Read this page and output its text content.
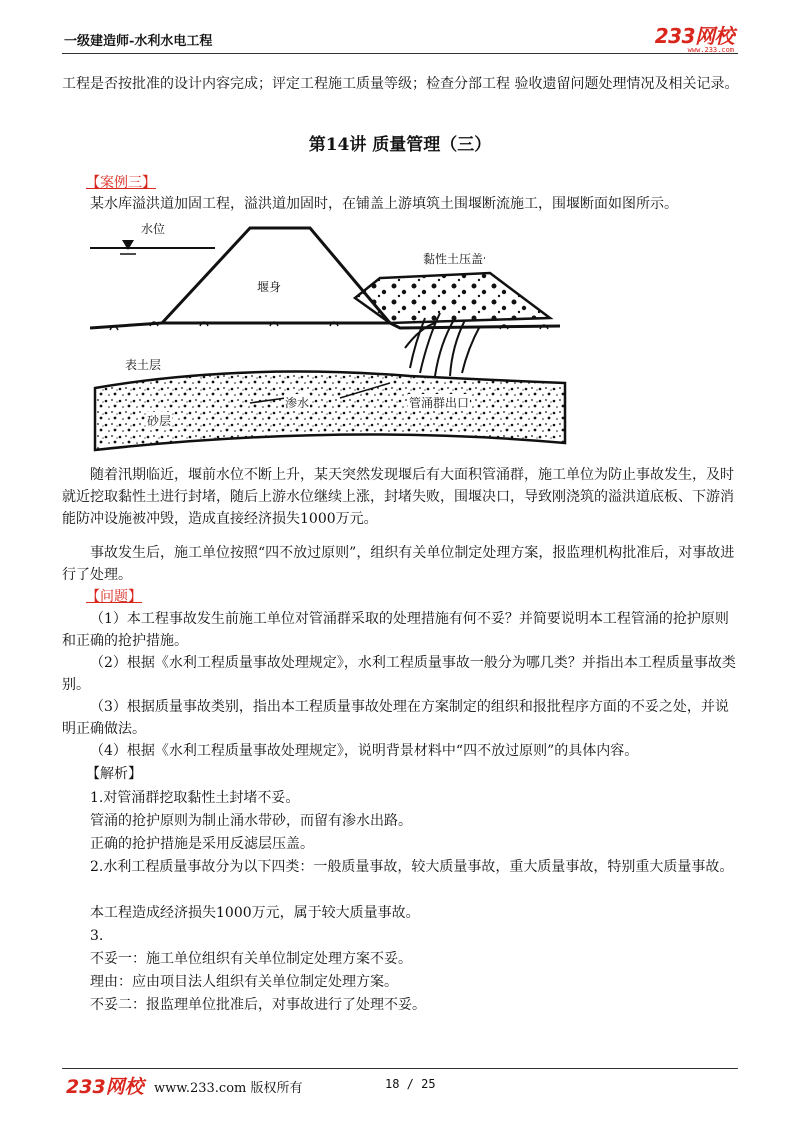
一级建造师-水利水电工程	233网校
www.233.com
工程是否按批准的设计内容完成；评定工程施工质量等级；检查分部工程 验收遗留问题处理情况及相关记录。
第14讲 质量管理（三）
【案例三】
某水库溢洪道加固工程，溢洪道加固时，在铺盖上游填筑土围堰断流施工，围堰断面如图所示。
水位
堰身
黏性土压盖
表土层
渗水	管涌群出口
砂层
随着汛期临近，堰前水位不断上升，某天突然发现堰后有大面积管涌群，施工单位为防止事故发生，及时就近挖取黏性土进行封堵，随后上游水位继续上涨，封堵失败，围堰决口，导致刚浇筑的溢洪道底板、下游消能防冲设施被冲毁，造成直接经济损失1000万元。
事故发生后，施工单位按照“四不放过原则”，组织有关单位制定处理方案，报监理机构批准后，对事故进行了处理。
【问题】
（1）本工程事故发生前施工单位对管涌群采取的处理措施有何不妥？并简要说明本工程管涌的抢护原则和正确的抢护措施。
（2）根据《水利工程质量事故处理规定》，水利工程质量事故一般分为哪几类？并指出本工程质量事故类别。
（3）根据质量事故类别，指出本工程质量事故处理在方案制定的组织和报批程序方面的不妥之处，并说明正确做法。
（4）根据《水利工程质量事故处理规定》，说明背景材料中“四不放过原则”的具体内容。
【解析】
1.对管涌群挖取黏性土封堵不妥。
管涌的抢护原则为制止涌水带砂，而留有渗水出路。
正确的抢护措施是采用反滤层压盖。
2.水利工程质量事故分为以下四类：一般质量事故，较大质量事故，重大质量事故，特别重大质量事故。
本工程造成经济损失1000万元，属于较大质量事故。
3.
不妥一：施工单位组织有关单位制定处理方案不妥。
理由：应由项目法人组织有关单位制定处理方案。
不妥二：报监理单位批准后，对事故进行了处理不妥。
233网校 www.233.com 版权所有	18 / 25
